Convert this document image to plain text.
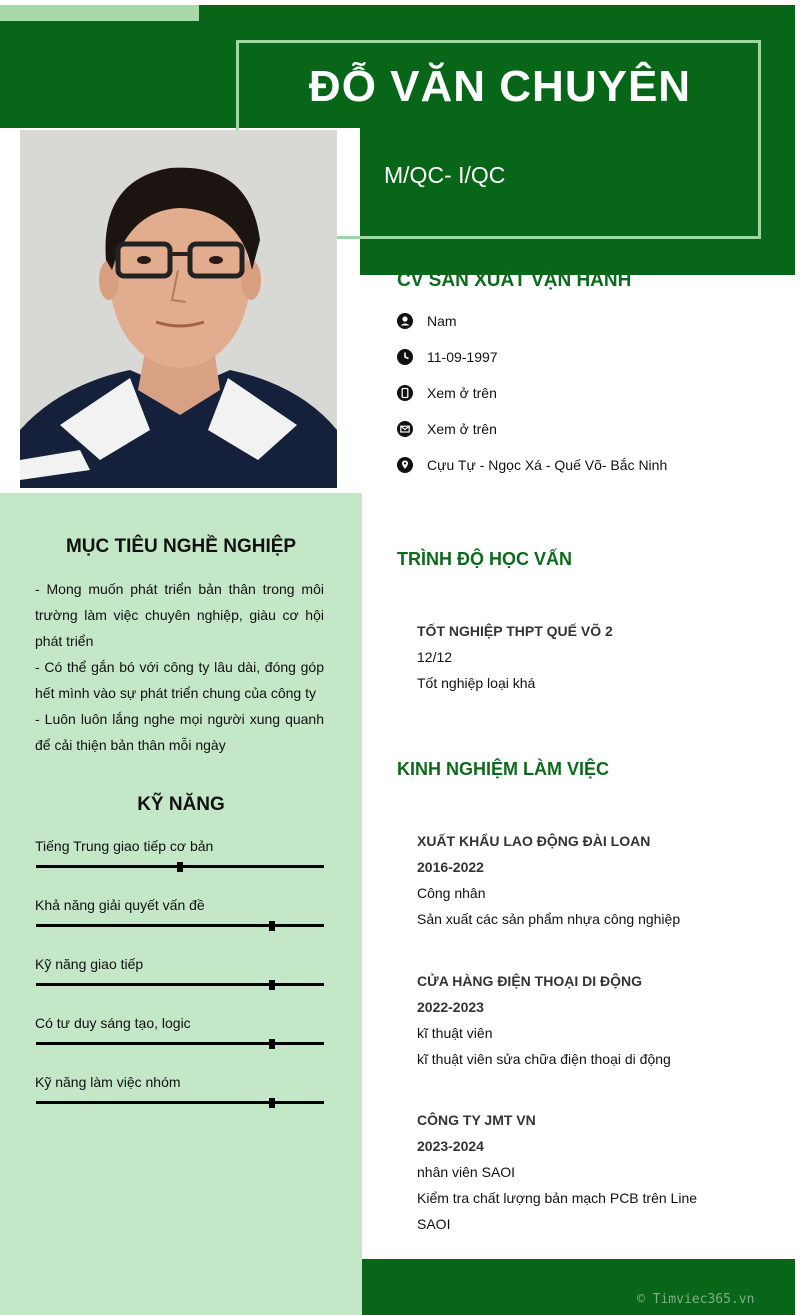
ĐỖ VĂN CHUYÊN
M/QC- I/QC
MỤC TIÊU NGHỀ NGHIỆP
- Mong muốn phát triển bản thân trong môi trường làm việc chuyên nghiệp, giàu cơ hội phát triển
- Có thể gắn bó với công ty lâu dài, đóng góp hết mình vào sự phát triển chung của công ty
- Luôn luôn lắng nghe mọi người xung quanh để cải thiện bản thân mỗi ngày
KỸ NĂNG
Tiếng Trung giao tiếp cơ bản
Khả năng giải quyết vấn đề
Kỹ năng giao tiếp
Có tư duy sáng tạo, logic
Kỹ năng làm việc nhóm
CV SẢN XUẤT VẬN HÀNH
Nam
11-09-1997
Xem ở trên
Xem ở trên
Cựu Tự - Ngọc Xá - Quế Võ- Bắc Ninh
TRÌNH ĐỘ HỌC VẤN
TỐT NGHIỆP THPT QUẾ VÕ 2
12/12
Tốt nghiệp loại khá
KINH NGHIỆM LÀM VIỆC
XUẤT KHẨU LAO ĐỘNG ĐÀI LOAN
2016-2022
Công nhân
Sản xuất các sản phẩm nhựa công nghiệp
CỬA HÀNG ĐIỆN THOẠI DI ĐỘNG
2022-2023
kĩ thuật viên
kĩ thuật viên sửa chữa điện thoại di động
CÔNG TY JMT VN
2023-2024
nhân viên SAOI
Kiểm tra chất lượng bản mạch PCB trên Line SAOI
© Timviec365.vn
